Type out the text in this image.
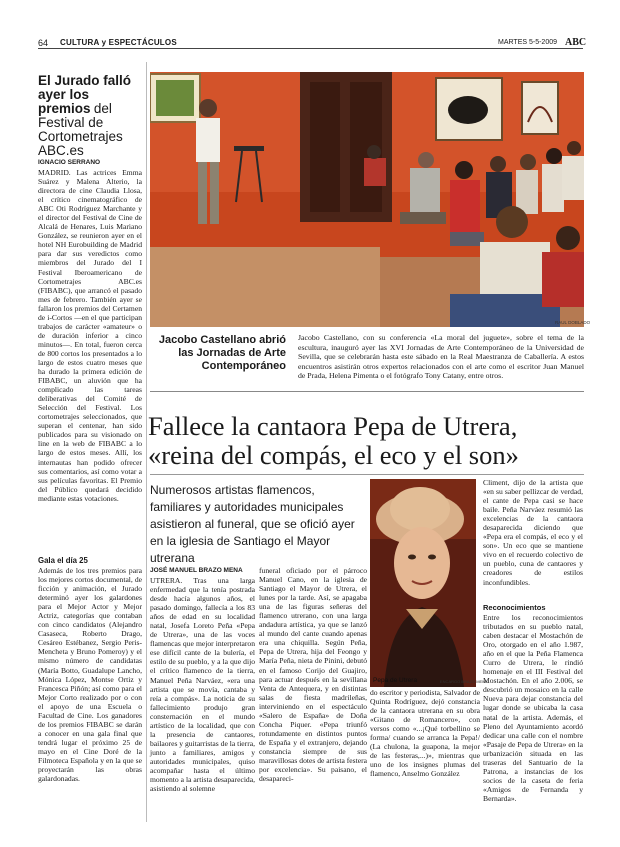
64 CULTURA y ESPECTÁCULOS	MARTES 5-5-2009 ABC
El Jurado falló ayer los premios del Festival de Cortometrajes ABC.es
IGNACIO SERRANO
MADRID. Las actrices Emma Suárez y Malena Alterio, la directora de cine Claudia Llosa, el crítico cinematográfico de ABC Oti Rodríguez Marchante y el director del Festival de Cine de Alcalá de Henares, Luis Mariano González, se reunieron ayer en el hotel NH Eurobuilding de Madrid para dar sus veredictos como miembros del Jurado del I Festival Iberoamericano de Cortometrajes ABC.es (FIBABC), que arrancó el pasado mes de febrero. También ayer se fallaron los premios del Certamen de i-Cortos —en el que participan trabajos de carácter «amateur» o de duración inferior a cinco minutos—. En total, fueron cerca de 800 cortos los presentados a lo largo de estos cuatro meses que ha durado la primera edición de FIBABC, un aluvión que ha complicado las tareas deliberativas del Comité de Selección del Festival. Los cortometrajes seleccionados, que superan el centenar, han sido publicados para su visionado on line en la web de FIBABC a lo largo de estos meses. Allí, los internautas han podido ofrecer sus comentarios, así como votar a sus películas favoritas. El Premio del Público quedará decidido mediante estas votaciones.
Gala el día 25
Además de los tres premios para los mejores cortos documental, de ficción y animación, el Jurado determinó ayer los galardones para el Mejor Actor y Mejor Actriz, categorías que contaban con cinco candidatos (Alejandro Casaseca, Roberto Drago, Cesáreo Estébanez, Sergio Peris-Mencheta y Bruno Pomeroy) y el mismo número de candidatas (María Botto, Guadalupe Lancho, Mónica López, Montse Ortiz y Francesca Piñón; así como para el Mejor Corto realizado por o con el apoyo de una Escuela o Facultad de Cine. Los ganadores de los premios FIBABC se darán a conocer en una gala final que tendrá lugar el próximo 25 de mayo en el Cine Doré de la Filmoteca Española y en la que se proyectarán las obras galardonadas.
RAUL DOBLADO
Jacobo Castellano abrió las Jornadas de Arte Contemporáneo
Jacobo Castellano, con su conferencia «La moral del juguete», sobre el tema de la escultura, inauguró ayer las XVI Jornadas de Arte Contemporáneo de la Universidad de Sevilla, que se celebrarán hasta este sábado en la Real Maestranza de Caballería. A estos encuentros asistirán otros expertos relacionados con el arte como el escritor Juan Manuel de Prada, Helena Pimenta o el fotógrafo Tony Catany, entre otros.
Fallece la cantaora Pepa de Utrera, «reina del compás, el eco y el son»
Numerosos artistas flamencos, familiares y autoridades municipales asistieron al funeral, que se ofició ayer en la iglesia de Santiago el Mayor utrerana
JOSÉ MANUEL BRAZO MENA
UTRERA. Tras una larga enfermedad que la tenía postrada desde hacía algunos años, el pasado domingo, fallecía a los 83 años de edad en su localidad natal, Josefa Loreto Peña «Pepa de Utrera», una de las voces flamencas que mejor interpretaron ese difícil cante de la bulería, el estilo de su pueblo, y a la que dijo el crítico flamenco de la tierra, Manuel Peña Narváez, «era una artista que se movía, cantaba y reía a compás». La noticia de su fallecimiento produjo gran consternación en el mundo artístico de la localidad, que con la presencia de cantaores, bailaores y guitarristas de la tierra, junto a familiares, amigos y autoridades municipales, quiso acompañar hasta el último momento a la artista desaparecida, asistiendo al solemne
funeral oficiado por el párroco Manuel Cano, en la iglesia de Santiago el Mayor de Utrera, el lunes por la tarde. Así, se apagaba una de las figuras señeras del flamenco utrerano, con una larga andadura artística, ya que se lanzó al mundo del cante cuando apenas era una chiquilla. Según Peña, Pepa de Utrera, hija del Feongo y María Peña, nieta de Pinini, debutó en el famoso Corijo del Guajiro, para actuar después en la sevillana Venta de Antequera, y en distintas salas de fiesta madrileñas, interviniendo en el espectáculo «Salero de España» de Doña Concha Piquer. «Pepa triunfó rotundamente en distintos puntos de España y el extranjero, dejando constancia siempre de sus maravillosas dotes de artista festera por excelencia». Su paisano, el desapareci-
Pepa de Utrera	ENCARGO BRAZO MENA
do escritor y periodista, Salvador de Quinta Rodríguez, dejó constancia de la cantaora utrerana en su obra «Gitano de Romancero», con versos como «...¡Qué torbellino se forma/ cuando se arranca la Pepa!/ (La chulona, la guapona, la mejor de las festeras,...)», mientras que uno de los insignes plumas del flamenco, Anselmo González
Climent, dijo de la artista que «en su saber pellizcar de verdad, el cante de Pepa casi se hace baile. Peña Narváez resumió las excelencias de la cantaora desaparecida diciendo que «Pepa era el compás, el eco y el son». Un eco que se mantiene vivo en el recuerdo colectivo de un pueblo, cuna de cantaores y creadores de estilos inconfundibles.
Reconocimientos
Entre los reconocimientos tributados en su pueblo natal, caben destacar el Mostachón de Oro, otorgado en el año 1.987, año en el que la Peña Flamenca Curro de Utrera, le rindió homenaje en el III Festival del Mostachón. En el año 2.006, se descubrió un mosaico en la calle Nueva para dejar constancia del lugar donde se ubicaba la casa natal de la artista. Además, el Pleno del Ayuntamiento acordó dedicar una calle con el nombre «Pasaje de Pepa de Utrera» en la urbanización situada en las traseras del Santuario de la Patrona, a instancias de los socios de la caseta de feria «Amigos de Fernanda y Bernarda».
